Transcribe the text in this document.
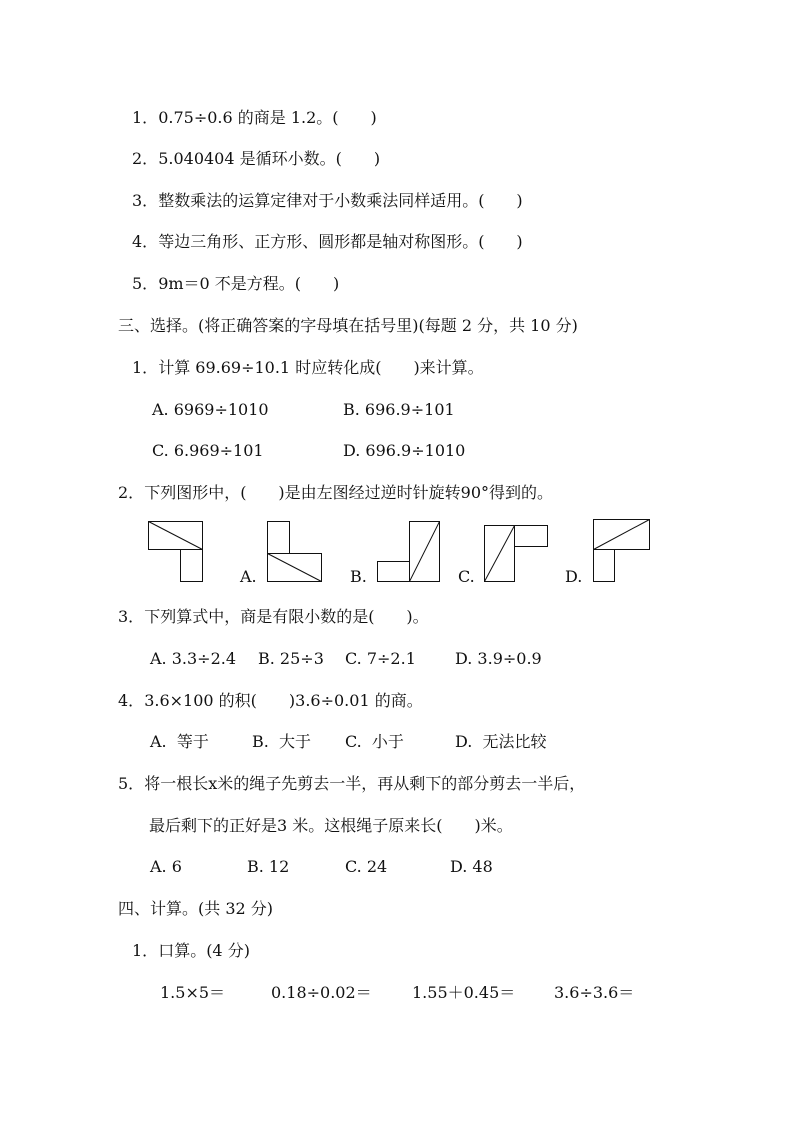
1．0.75÷0.6 的商是 1.2。(　　)
2．5.040404 是循环小数。(　　)
3．整数乘法的运算定律对于小数乘法同样适用。(　　)
4．等边三角形、正方形、圆形都是轴对称图形。(　　)
5．9m＝0 不是方程。(　　)
三、选择。(将正确答案的字母填在括号里)(每题 2 分，共 10 分)
1．计算 69.69÷10.1 时应转化成(　　)来计算。
A. 6969÷1010	B. 696.9÷101
C. 6.969÷101	D. 696.9÷1010
2．下列图形中，(　　)是由左图经过逆时针旋转90°得到的。
A.	B.	C.	D.
3．下列算式中，商是有限小数的是(　　)。
A. 3.3÷2.4 B. 25÷3 C. 7÷2.1 D. 3.9÷0.9
4．3.6×100 的积(　　)3.6÷0.01 的商。
A.  等于	B.  大于 C.  小于	D.  无法比较
5．将一根长x米的绳子先剪去一半，再从剩下的部分剪去一半后，
最后剩下的正好是3 米。这根绳子原来长(　　)米。
A. 6	B. 12	C. 24	D. 48
四、计算。(共 32 分)
1．口算。(4 分)
1.5×5＝	0.18÷0.02＝	1.55＋0.45＝ 3.6÷3.6＝
